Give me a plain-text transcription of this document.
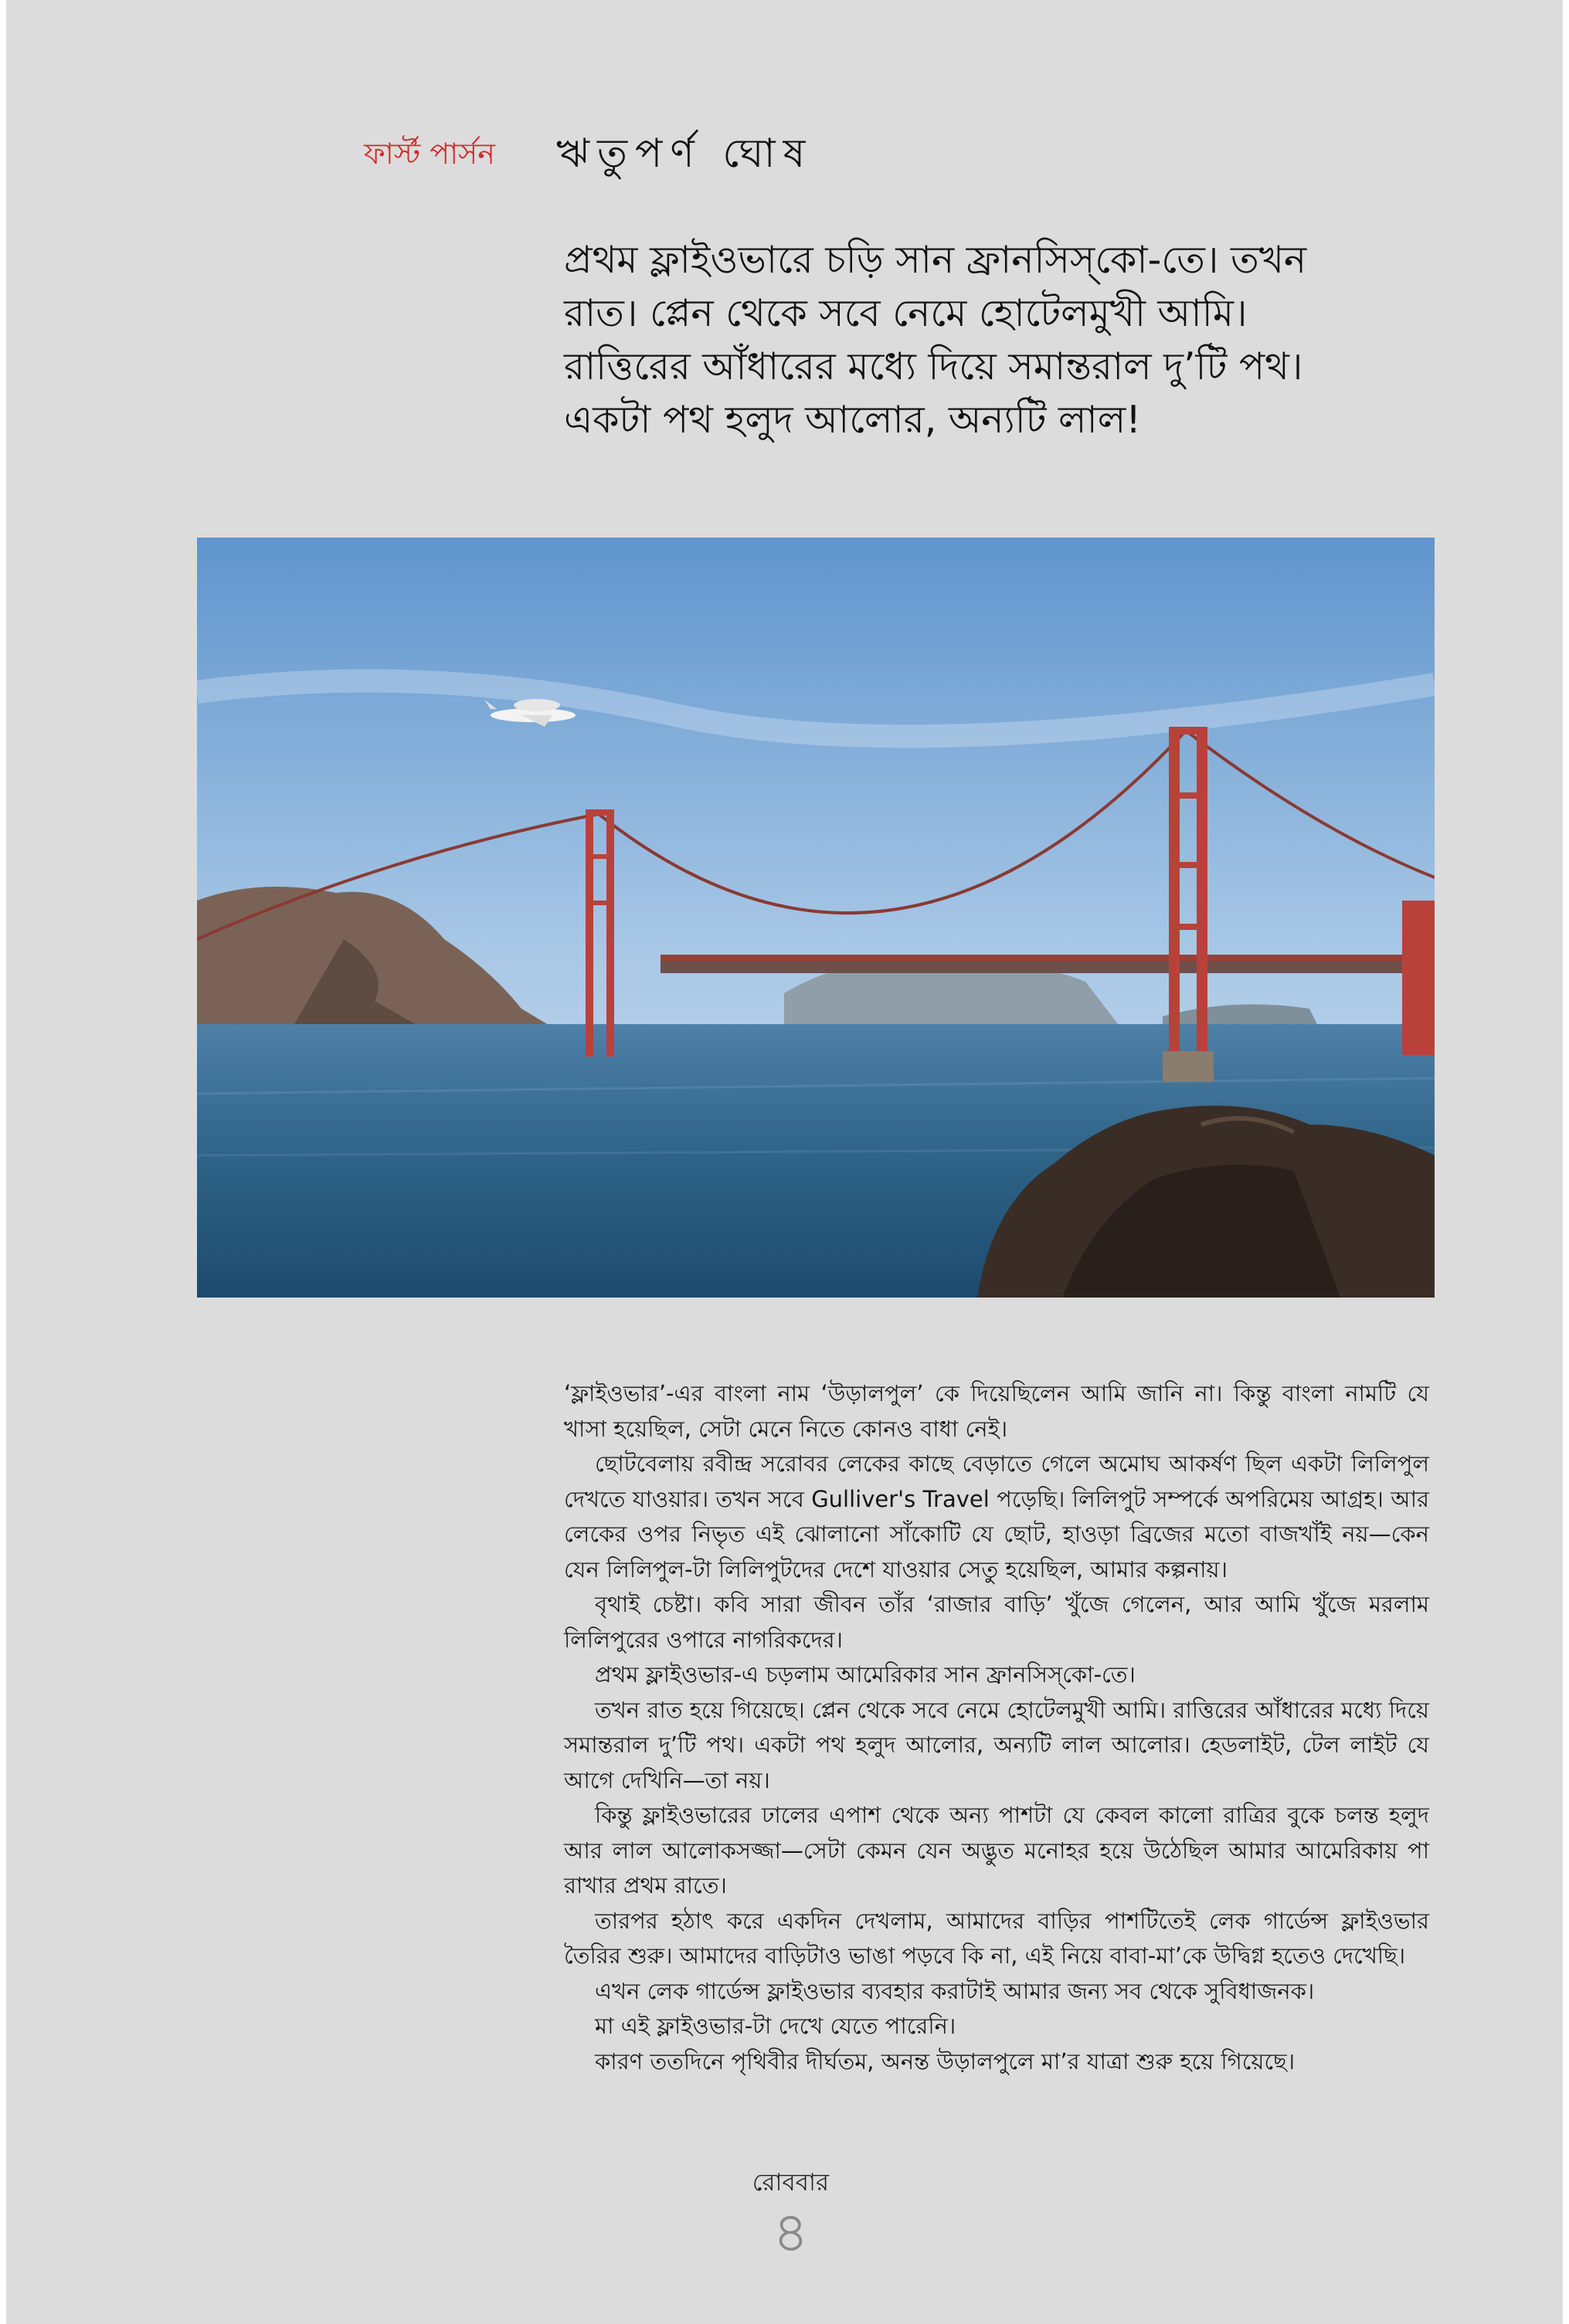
ফার্স্ট পার্সন ঋতুপর্ণ ঘোষ

প্রথম ফ্লাইওভারে চড়ি সান ফ্রানসিস্‌কো-তে। তখন

রাত। প্লেন থেকে সবে নেমে হোটেলমুখী আমি।

রাত্তিরের আঁধারের মধ্যে দিয়ে সমান্তরাল দু’টি পথ।

একটা পথ হলুদ আলোর, অন্যটি লাল!

‘ফ্লাইওভার’-এর বাংলা নাম ‘উড়ালপুল’ কে দিয়েছিলেন আমি জানি না। কিন্তু বাংলা নামটি যে খাসা হয়েছিল, সেটা মেনে নিতে কোনও বাধা নেই।

ছোটবেলায় রবীন্দ্র সরোবর লেকের কাছে বেড়াতে গেলে অমোঘ আকর্ষণ ছিল একটা লিলিপুল দেখতে যাওয়ার। তখন সবে Gulliver's Travel পড়েছি। লিলিপুট সম্পর্কে অপরিমেয় আগ্রহ। আর লেকের ওপর নিভৃত এই ঝোলানো সাঁকোটি যে ছোট, হাওড়া ব্রিজের মতো বাজখাঁই নয়—কেন যেন লিলিপুল-টা লিলিপুটদের দেশে যাওয়ার সেতু হয়েছিল, আমার কল্পনায়।

বৃথাই চেষ্টা। কবি সারা জীবন তাঁর ‘রাজার বাড়ি’ খুঁজে গেলেন, আর আমি খুঁজে মরলাম লিলিপুরের ওপারে নাগরিকদের।

প্রথম ফ্লাইওভার-এ চড়লাম আমেরিকার সান ফ্রানসিস্‌কো-তে।

তখন রাত হয়ে গিয়েছে। প্লেন থেকে সবে নেমে হোটেলমুখী আমি। রাত্তিরের আঁধারের মধ্যে দিয়ে সমান্তরাল দু’টি পথ। একটা পথ হলুদ আলোর, অন্যটি লাল আলোর। হেডলাইট, টেল লাইট যে আগে দেখিনি—তা নয়।

কিন্তু ফ্লাইওভারের ঢালের এপাশ থেকে অন্য পাশটা যে কেবল কালো রাত্রির বুকে চলন্ত হলুদ আর লাল আলোকসজ্জা—সেটা কেমন যেন অদ্ভুত মনোহর হয়ে উঠেছিল আমার আমেরিকায় পা রাখার প্রথম রাতে।

তারপর হঠাৎ করে একদিন দেখলাম, আমাদের বাড়ির পাশটিতেই লেক গার্ডেন্স ফ্লাইওভার তৈরির শুরু। আমাদের বাড়িটাও ভাঙা পড়বে কি না, এই নিয়ে বাবা-মা’কে উদ্বিগ্ন হতেও দেখেছি।

এখন লেক গার্ডেন্স ফ্লাইওভার ব্যবহার করাটাই আমার জন্য সব থেকে সুবিধাজনক।

মা এই ফ্লাইওভার-টা দেখে যেতে পারেনি।

কারণ ততদিনে পৃথিবীর দীর্ঘতম, অনন্ত উড়ালপুলে মা’র যাত্রা শুরু হয়ে গিয়েছে।

রোববার
৪
